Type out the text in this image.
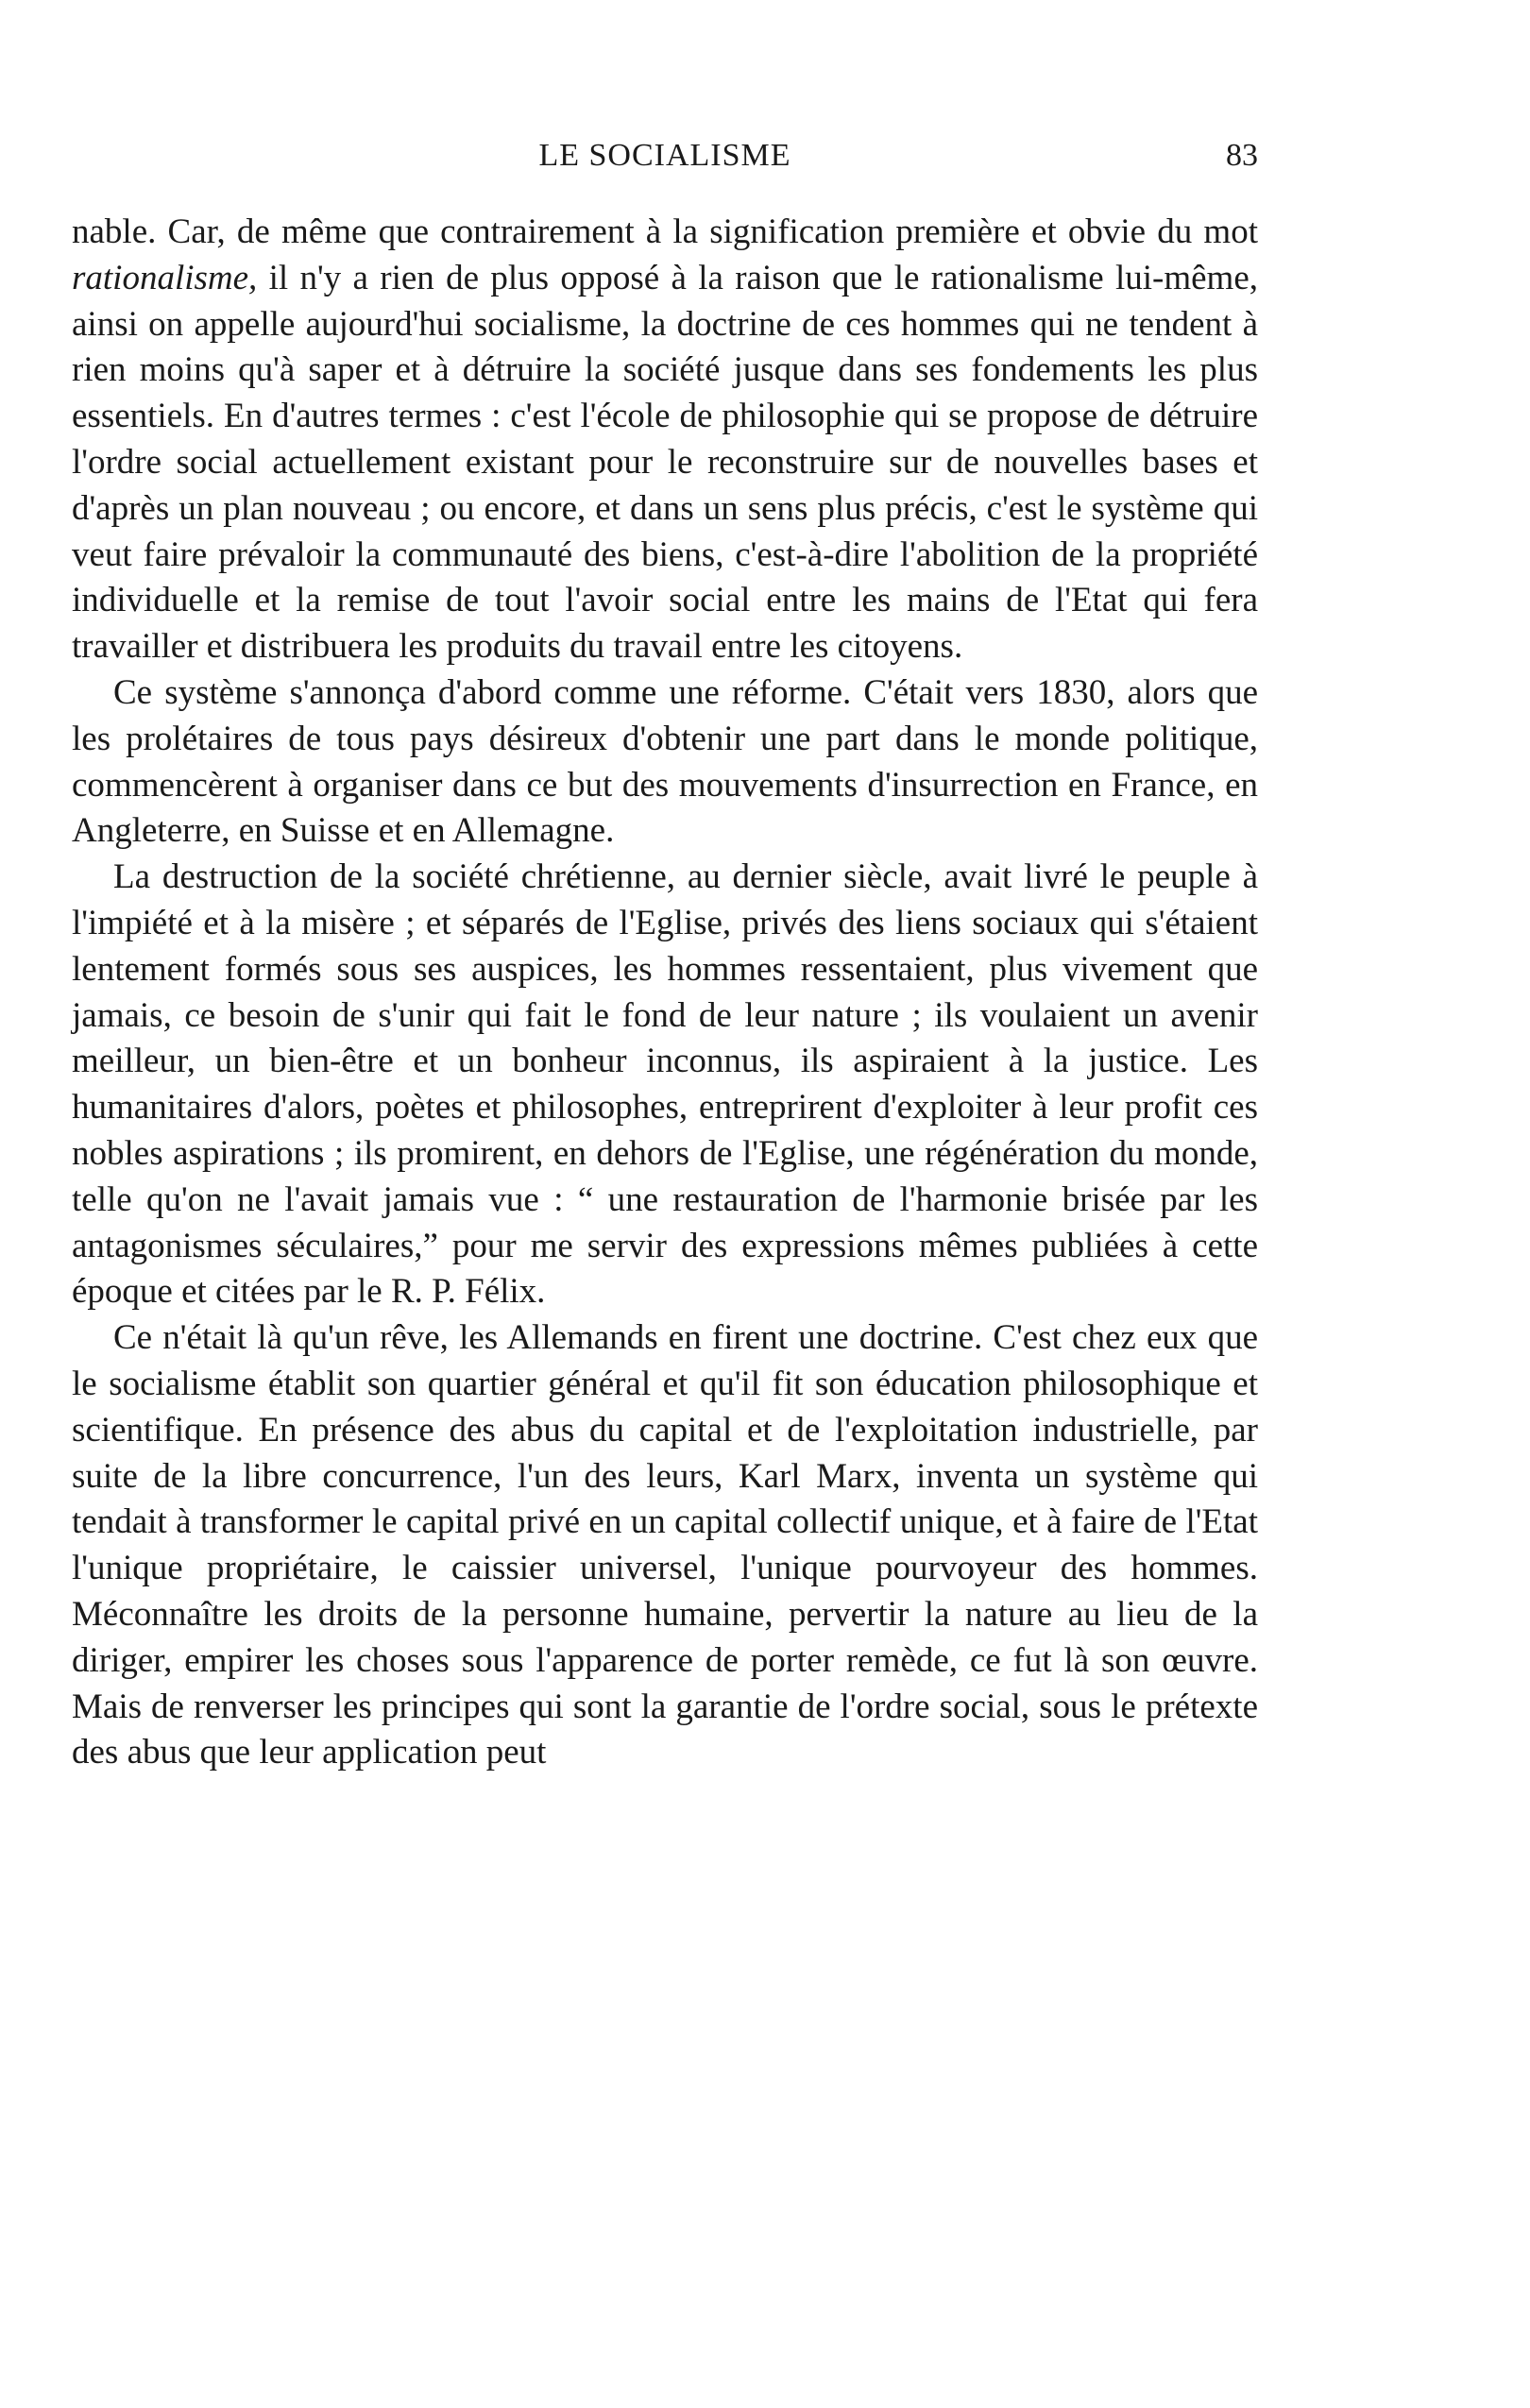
LE SOCIALISME	83

nable. Car, de même que contrairement à la signification première et obvie du mot rationalisme, il n'y a rien de plus opposé à la raison que le rationalisme lui-même, ainsi on appelle aujourd'hui socialisme, la doctrine de ces hommes qui ne tendent à rien moins qu'à saper et à détruire la société jusque dans ses fondements les plus essentiels. En d'autres termes : c'est l'école de philosophie qui se propose de détruire l'ordre social actuellement existant pour le reconstruire sur de nouvelles bases et d'après un plan nouveau ; ou encore, et dans un sens plus précis, c'est le système qui veut faire prévaloir la communauté des biens, c'est-à-dire l'abolition de la propriété individuelle et la remise de tout l'avoir social entre les mains de l'Etat qui fera travailler et distribuera les produits du travail entre les citoyens.

Ce système s'annonça d'abord comme une réforme. C'était vers 1830, alors que les prolétaires de tous pays désireux d'obtenir une part dans le monde politique, commencèrent à organiser dans ce but des mouvements d'insurrection en France, en Angleterre, en Suisse et en Allemagne.

La destruction de la société chrétienne, au dernier siècle, avait livré le peuple à l'impiété et à la misère ; et séparés de l'Eglise, privés des liens sociaux qui s'étaient lentement formés sous ses auspices, les hommes ressentaient, plus vivement que jamais, ce besoin de s'unir qui fait le fond de leur nature ; ils voulaient un avenir meilleur, un bien-être et un bonheur inconnus, ils aspiraient à la justice. Les humanitaires d'alors, poètes et philosophes, entreprirent d'exploiter à leur profit ces nobles aspirations ; ils promirent, en dehors de l'Eglise, une régénération du monde, telle qu'on ne l'avait jamais vue : “ une restauration de l'harmonie brisée par les antagonismes séculaires,” pour me servir des expressions mêmes publiées à cette époque et citées par le R. P. Félix.

Ce n'était là qu'un rêve, les Allemands en firent une doctrine. C'est chez eux que le socialisme établit son quartier général et qu'il fit son éducation philosophique et scientifique. En présence des abus du capital et de l'exploitation industrielle, par suite de la libre concurrence, l'un des leurs, Karl Marx, inventa un système qui tendait à transformer le capital privé en un capital collectif unique, et à faire de l'Etat l'unique propriétaire, le caissier universel, l'unique pourvoyeur des hommes. Méconnaître les droits de la personne humaine, pervertir la nature au lieu de la diriger, empirer les choses sous l'apparence de porter remède, ce fut là son œuvre. Mais de renverser les principes qui sont la garantie de l'ordre social, sous le prétexte des abus que leur application peut
